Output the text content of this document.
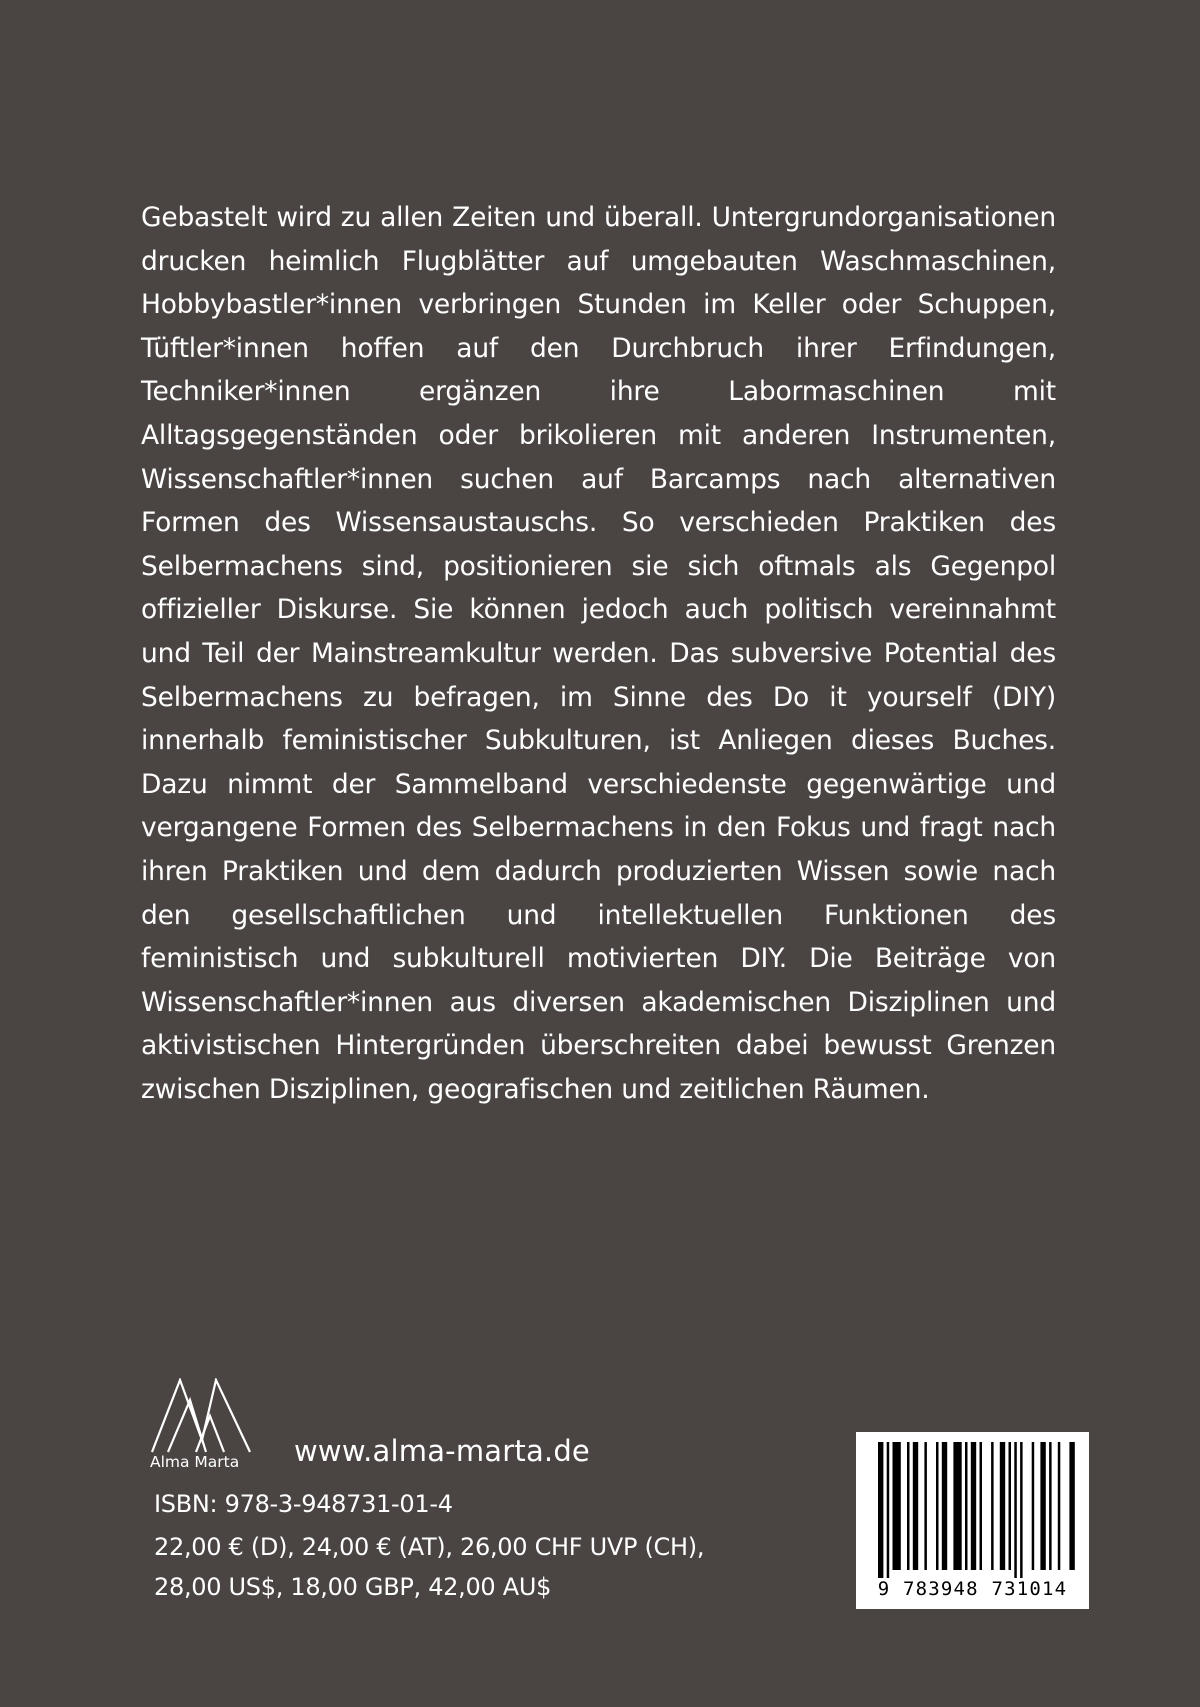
Gebastelt wird zu allen Zeiten und überall. Untergrundorganisationen drucken heimlich Flugblätter auf umgebauten Waschmaschinen, Hobbybastler*innen verbringen Stunden im Keller oder Schuppen, Tüftler*innen hoffen auf den Durchbruch ihrer Erfindungen, Techniker*innen ergänzen ihre Labormaschinen mit Alltagsgegenständen oder brikolieren mit anderen Instrumenten, Wissenschaftler*innen suchen auf Barcamps nach alternativen Formen des Wissensaustauschs. So verschieden Praktiken des Selbermachens sind, positionieren sie sich oftmals als Gegenpol offizieller Diskurse. Sie können jedoch auch politisch vereinnahmt und Teil der Mainstreamkultur werden. Das subversive Potential des Selbermachens zu befragen, im Sinne des Do it yourself (DIY) innerhalb feministischer Subkulturen, ist Anliegen dieses Buches. Dazu nimmt der Sammelband verschiedenste gegenwärtige und vergangene Formen des Selbermachens in den Fokus und fragt nach ihren Praktiken und dem dadurch produzierten Wissen sowie nach den gesellschaftlichen und intellektuellen Funktionen des feministisch und subkulturell motivierten DIY. Die Beiträge von Wissenschaftler*innen aus diversen akademischen Disziplinen und aktivistischen Hintergründen überschreiten dabei bewusst Grenzen zwischen Disziplinen, geografischen und zeitlichen Räumen.

Alma Marta www.alma-marta.de
ISBN: 978-3-948731-01-4
22,00 € (D), 24,00 € (AT), 26,00 CHF UVP (CH),
28,00 US$, 18,00 GBP, 42,00 AU$	9 783948 731014
